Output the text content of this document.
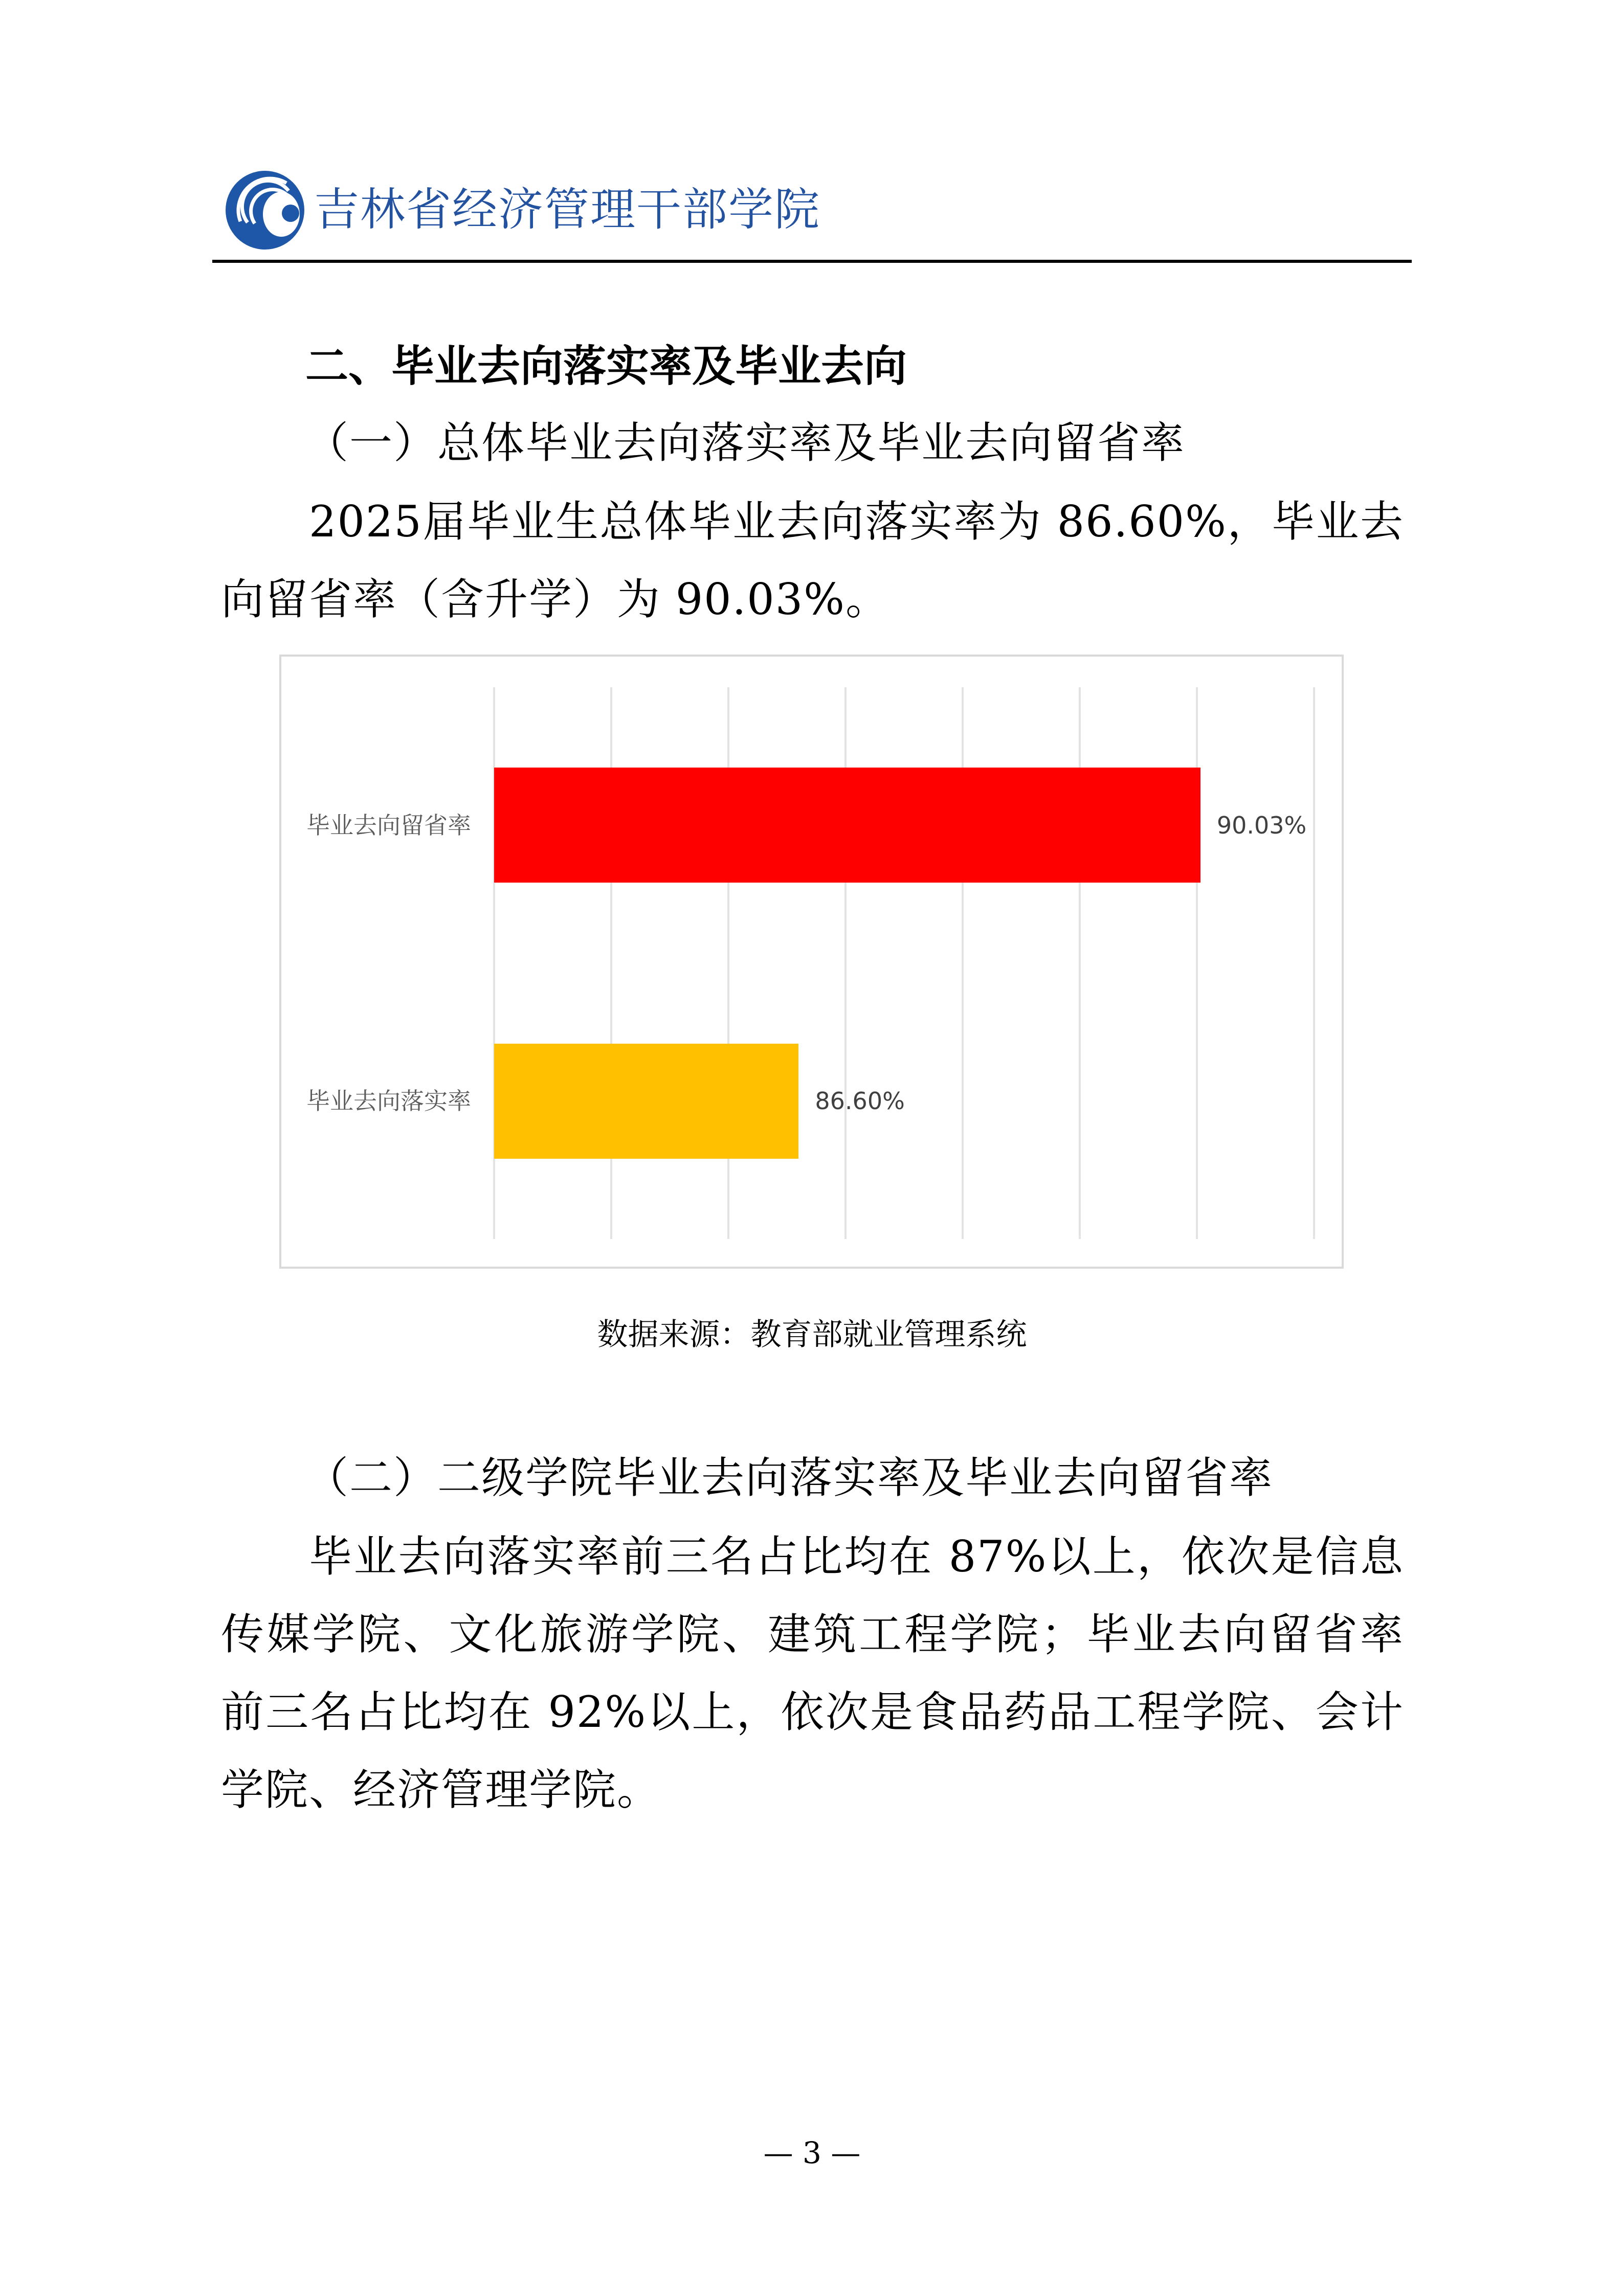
吉林省经济管理干部学院
二、毕业去向落实率及毕业去向
（一）总体毕业去向落实率及毕业去向留省率
2025届毕业生总体毕业去向落实率为 86.60%，毕业去向留省率（含升学）为 90.03%。
毕业去向留省率	90.03%
毕业去向落实率	86.60%
数据来源：教育部就业管理系统
（二）二级学院毕业去向落实率及毕业去向留省率
毕业去向落实率前三名占比均在 87%以上，依次是信息传媒学院、文化旅游学院、建筑工程学院；毕业去向留省率前三名占比均在 92%以上，依次是食品药品工程学院、会计学院、经济管理学院。
— 3 —
